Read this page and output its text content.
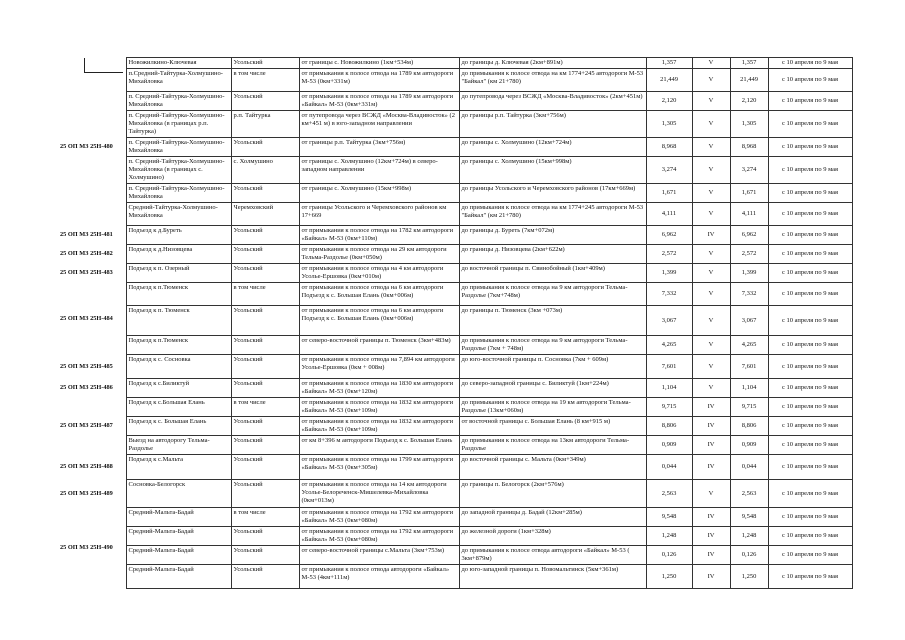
	Новожилкино-Ключевая	Усольский	от границы с. Новожилкино (1км+534м)	до границы д. Ключевая (2км+891м)	1,357	V	1,357	с 10 апреля по 9 мая
25 ОП МЗ 25Н-480	п.Средний-Тайтурка-Холмушино-Михайловка	в том числе	от примыкания к полосе отвода на 1789 км автодороги М-53 (0км+331м)	до примыкания к полосе отвода на км 1774+245 автодороги М-53 "Байкал" (км 21+780)	21,449	V	21,449	с 10 апреля по 9 мая
	п. Средний-Тайтурка-Холмушино-Михайловка	Усольский	от примыкания к полосе отвода на 1789 км автодороги «Байкал» М-53 (0км+331м)	до путепровода через ВСЖД «Москва-Владивосток» (2км+451м)	2,120	V	2,120	с 10 апреля по 9 мая
	п. Средний-Тайтурка-Холмушино-Михайловка (в границах р.п. Тайтурка)	р.п. Тайтурка	от путепровода через ВСЖД «Москва-Владивосток» (2 км+451 м) в юго-западном направлении	до границы р.п. Тайтурка (3км+756м)	1,305	V	1,305	с 10 апреля по 9 мая
	п. Средний-Тайтурка-Холмушино-Михайловка	Усольский	от границы р.п. Тайтурка (3км+756м)	до границы с. Холмушино (12км+724м)	8,968	V	8,968	с 10 апреля по 9 мая
	п. Средний-Тайтурка-Холмушино-Михайловка (в границах с. Холмушино)	с. Холмушино	от границы с. Холмушино (12км+724м) в северо-западном направлении	до границы с. Холмушино (15км+998м)	3,274	V	3,274	с 10 апреля по 9 мая
	п. Средний-Тайтурка-Холмушино-Михайловка	Усольский	от границы с. Холмушино (15км+998м)	до границы Усольского и Черемховского районов (17км+669м)	1,671	V	1,671	с 10 апреля по 9 мая
	Средний-Тайтурка-Холмушино-Михайловка	Черемховский	от границы Усольского и Черемховского районов км 17+669	до примыкания к полосе отвода на км 1774+245 автодороги М-53 "Байкал" (км 21+780)	4,111	V	4,111	с 10 апреля по 9 мая
25 ОП МЗ 25Н-481	Подъезд к д.Буреть	Усольский	от примыкания к полосе отвода на 1782 км автодороги «Байкал» М-53 (0км+110м)	до границы д. Буреть (7км+072м)	6,962	IV	6,962	с 10 апреля по 9 мая
25 ОП МЗ 25Н-482	Подъезд к д.Низовцева	Усольский	от примыкания к полосе отвода на 29 км автодороги Тельма-Раздолье (0км+050м)	до границы д. Низовцева (2км+622м)	2,572	V	2,572	с 10 апреля по 9 мая
25 ОП МЗ 25Н-483	Подъезд к п. Озерный	Усольский	от примыкания к полосе отвода на 4 км автодороги Усолье-Ершовка (0км+010м)	до восточной границы п. Свинобойный (1км+409м)	1,399	V	1,399	с 10 апреля по 9 мая
25 ОП МЗ 25Н-484	Подъезд к п.Тюменск	в том числе	от примыкания к полосе отвода на 6 км автодороги Подъезд к с. Большая Елань (0км+006м)	до примыкания к полосе отвода на 9 км автодороги Тельма-Раздолье (7км+748м)	7,332	V	7,332	с 10 апреля по 9 мая
	Подъезд к п. Тюменск	Усольский	от примыкания к полосе отвода на 6 км автодороги Подъезд к с. Большая Елань (0км+006м)	до границы п. Тюменск (3км +073м)	3,067	V	3,067	с 10 апреля по 9 мая
	Подъезд к п.Тюменск	Усольский	от северо-восточной границы п. Тюменск (3км+483м)	до примыкания к полосе отвода на 9 км автодороги Тельма-Раздолье (7км + 748м)	4,265	V	4,265	с 10 апреля по 9 мая
25 ОП МЗ 25Н-485	Подъезд к с. Сосновка	Усольский	от примыкания к полосе отвода на 7,894 км автодороги Усолье-Ершовка (0км + 008м)	до юго-восточной границы п. Сосновка (7км + 609м)	7,601	V	7,601	с 10 апреля по 9 мая
25 ОП МЗ 25Н-486	Подъезд к с.Биликтуй	Усольский	от примыкания к полосе отвода на 1830 км автодороги «Байкал» М-53 (0км+120м)	до северо-западной границы с. Биликтуй (1км+224м)	1,104	V	1,104	с 10 апреля по 9 мая
25 ОП МЗ 25Н-487	Подъезд к с.Большая Елань	в том числе	от примыкания к полосе отвода на 1832 км автодороги «Байкал» М-53 (0км+109м)	до примыкания к полосе отвода на 19 км автодороги Тельма-Раздолье (13км+060м)	9,715	IV	9,715	с 10 апреля по 9 мая
	Подъезд к с. Большая Елань	Усольский	от примыкания к полосе отвода на 1832 км автодороги «Байкал» М-53 (0км+109м)	от восточной границы с. Большая Елань (8 км+915 м)	8,806	IV	8,806	с 10 апреля по 9 мая
	Выезд на автодорогу Тельма-Раздолье	Усольский	от км 8+396 м автодороги Подъезд к с. Большая Елань	до примыкания к полосе отвода на 13км автодороги Тельма-Раздолье	0,909	IV	0,909	с 10 апреля по 9 мая
25 ОП МЗ 25Н-488	Подъезд к с.Мальта	Усольский	от примыкания к полосе отвода на 1799 км автодороги «Байкал» М-53 (0км+305м)	до восточной границы с. Мальта (0км+349м)	0,044	IV	0,044	с 10 апреля по 9 мая
25 ОП МЗ 25Н-489	Сосновка-Белогорск	Усольский	от примыкания к полосе отвода на 14 км автодороги Усолье-Белореченск-Мишелевка-Михайловка (0км+013м)	до границы п. Белогорск (2км+576м)	2,563	V	2,563	с 10 апреля по 9 мая
25 ОП МЗ 25Н-490	Средний-Мальта-Бадай	в том числе	от примыкания к полосе отвода на 1792 км автодороги «Байкал» М-53 (0км+080м)	до западной границы д. Бадай (12км+285м)	9,548	IV	9,548	с 10 апреля по 9 мая
	Средний-Мальта-Бадай	Усольский	от примыкания к полосе отвода на 1792 км автодороги «Байкал» М-53 (0км+080м)	до железной дороги (1км+328м)	1,248	IV	1,248	с 10 апреля по 9 мая
	Средний-Мальта-Бадай	Усольский	от северо-восточной границы с.Мальта (3км+753м)	до примыкания к полосе отвода автодороги «Байкал» М-53 ( 3км+879м)	0,126	IV	0,126	с 10 апреля по 9 мая
	Средний-Мальта-Бадай	Усольский	от примыкания к полосе отвода автодороги «Байкал» М-53 (4км+111м)	до юго-западной границы п. Новомальтинск (5км+361м)	1,250	IV	1,250	с 10 апреля по 9 мая
